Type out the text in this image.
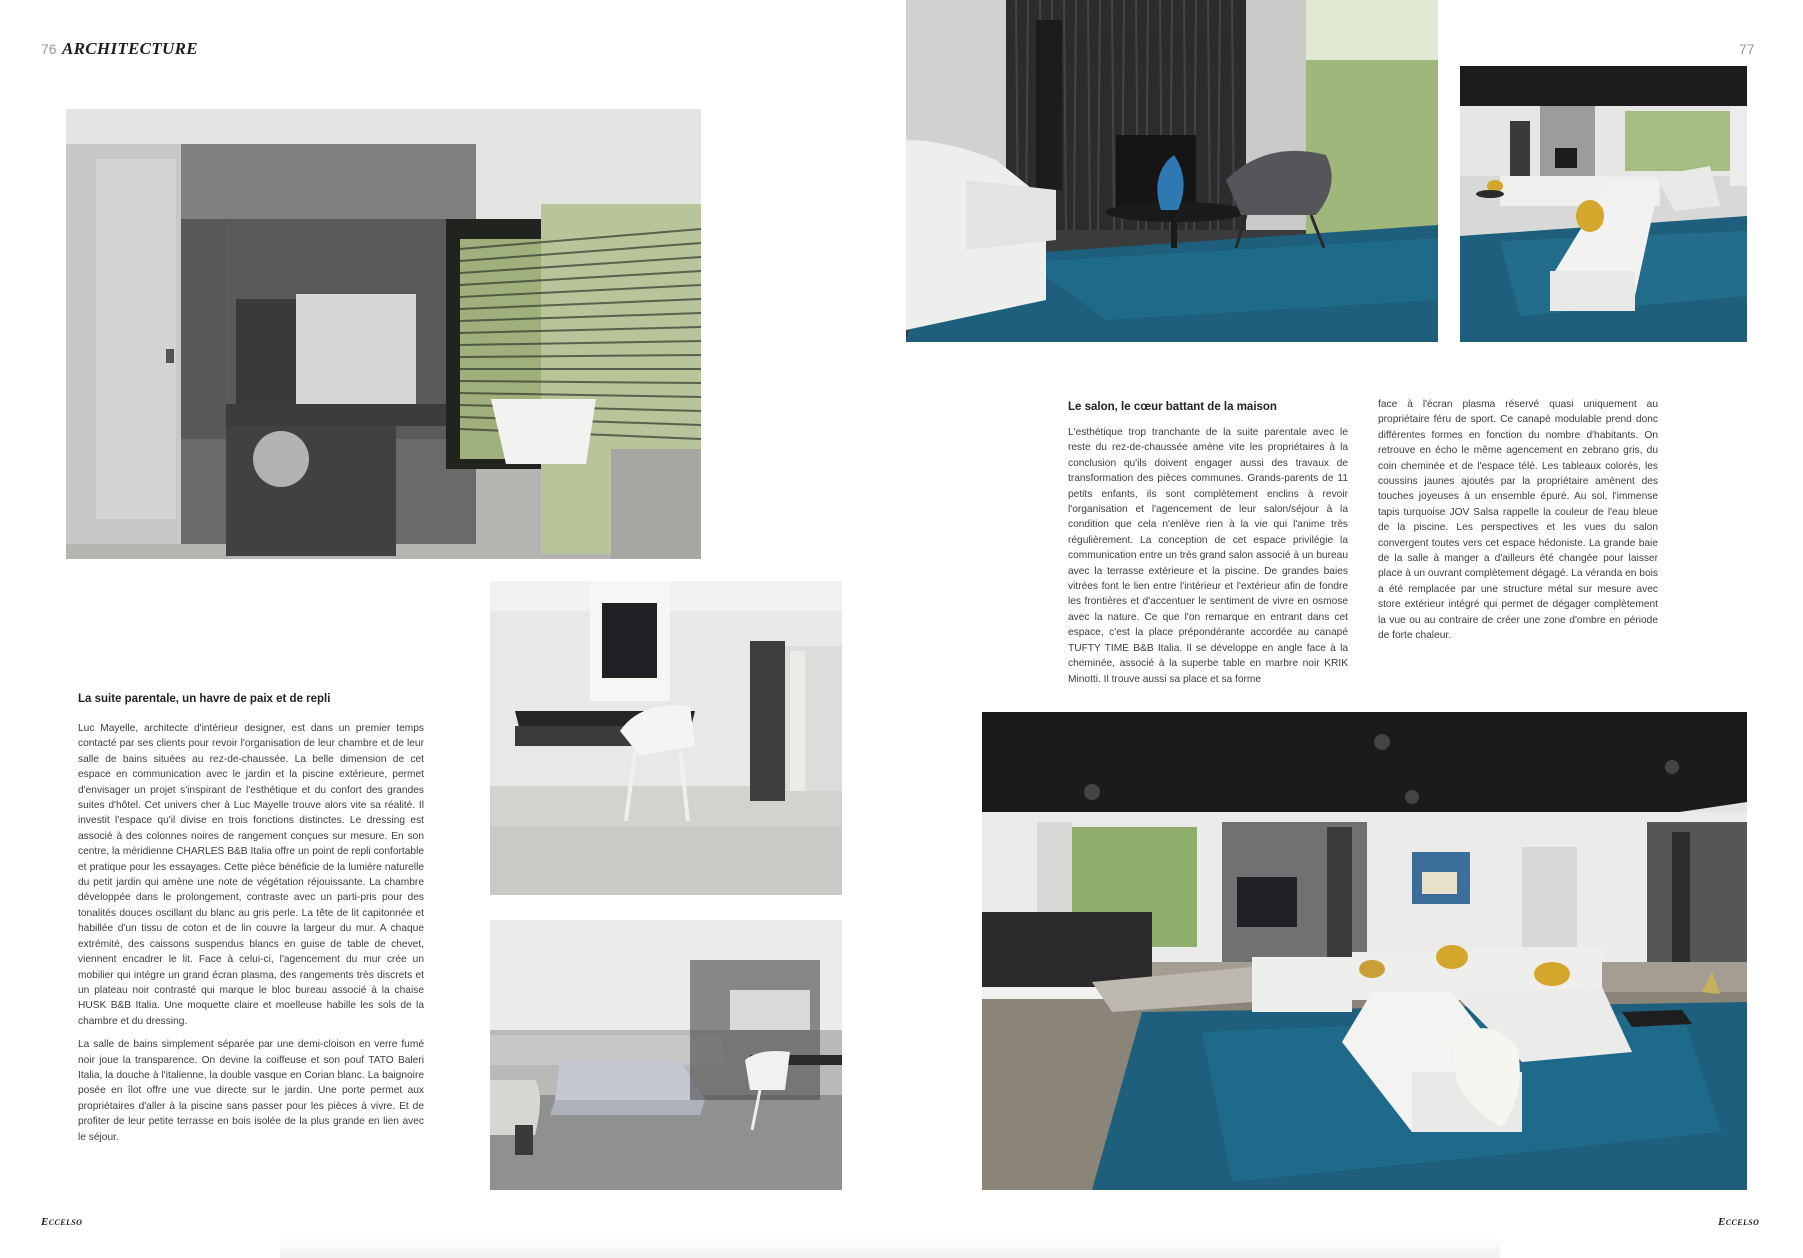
76 ARCHITECTURE	77
La suite parentale, un havre de paix et de repli

Luc Mayelle, architecte d'intérieur designer, est dans un premier temps contacté par ses clients pour revoir l'organisation de leur chambre et de leur salle de bains situées au rez-de-chaussée. La belle dimension de cet espace en communication avec le jardin et la piscine extérieure, permet d'envisager un projet s'inspirant de l'esthétique et du confort des grandes suites d'hôtel. Cet univers cher à Luc Mayelle trouve alors vite sa réalité. Il investit l'espace qu'il divise en trois fonctions distinctes. Le dressing est associé à des colonnes noires de rangement conçues sur mesure. En son centre, la méridienne CHARLES B&B Italia offre un point de repli confortable et pratique pour les essayages. Cette pièce bénéficie de la lumière naturelle du petit jardin qui amène une note de végétation réjouissante. La chambre développée dans le prolongement, contraste avec un parti-pris pour des tonalités douces oscillant du blanc au gris perle. La tête de lit capitonnée et habillée d'un tissu de coton et de lin couvre la largeur du mur. A chaque extrémité, des caissons suspendus blancs en guise de table de chevet, viennent encadrer le lit. Face à celui-ci, l'agencement du mur crée un mobilier qui intègre un grand écran plasma, des rangements très discrets et un plateau noir contrasté qui marque le bloc bureau associé à la chaise HUSK B&B Italia. Une moquette claire et moelleuse habille les sols de la chambre et du dressing.

La salle de bains simplement séparée par une demi-cloison en verre fumé noir joue la transparence. On devine la coiffeuse et son pouf TATO Baleri Italia, la douche à l'italienne, la double vasque en Corian blanc. La baignoire posée en îlot offre une vue directe sur le jardin. Une porte permet aux propriétaires d'aller à la piscine sans passer pour les pièces à vivre. Et de profiter de leur petite terrasse en bois isolée de la plus grande en lien avec le séjour.

Le salon, le cœur battant de la maison

L'esthétique trop tranchante de la suite parentale avec le reste du rez-de-chaussée amène vite les propriétaires à la conclusion qu'ils doivent engager aussi des travaux de transformation des pièces communes. Grands-parents de 11 petits enfants, ils sont complètement enclins à revoir l'organisation et l'agencement de leur salon/séjour à la condition que cela n'enlève rien à la vie qui l'anime très régulièrement. La conception de cet espace privilégie la communication entre un très grand salon associé à un bureau avec la terrasse extérieure et la piscine. De grandes baies vitrées font le lien entre l'intérieur et l'extérieur afin de fondre les frontières et d'accentuer le sentiment de vivre en osmose avec la nature. Ce que l'on remarque en entrant dans cet espace, c'est la place prépondérante accordée au canapé TUFTY TIME B&B Italia. Il se développe en angle face à la cheminée, associé à la superbe table en marbre noir KRIK Minotti. Il trouve aussi sa place et sa forme

face à l'écran plasma réservé quasi uniquement au propriétaire féru de sport. Ce canapé modulable prend donc différentes formes en fonction du nombre d'habitants. On retrouve en écho le même agencement en zebrano gris, du coin cheminée et de l'espace télé. Les tableaux colorés, les coussins jaunes ajoutés par la propriétaire amènent des touches joyeuses à un ensemble épuré. Au sol, l'immense tapis turquoise JOV Salsa rappelle la couleur de l'eau bleue de la piscine. Les perspectives et les vues du salon convergent toutes vers cet espace hédoniste. La grande baie de la salle à manger a d'ailleurs été changée pour laisser place à un ouvrant complètement dégagé. La véranda en bois a été remplacée par une structure métal sur mesure avec store extérieur intégré qui permet de dégager complètement la vue ou au contraire de créer une zone d'ombre en période de forte chaleur.

Eccelso	Eccelso
